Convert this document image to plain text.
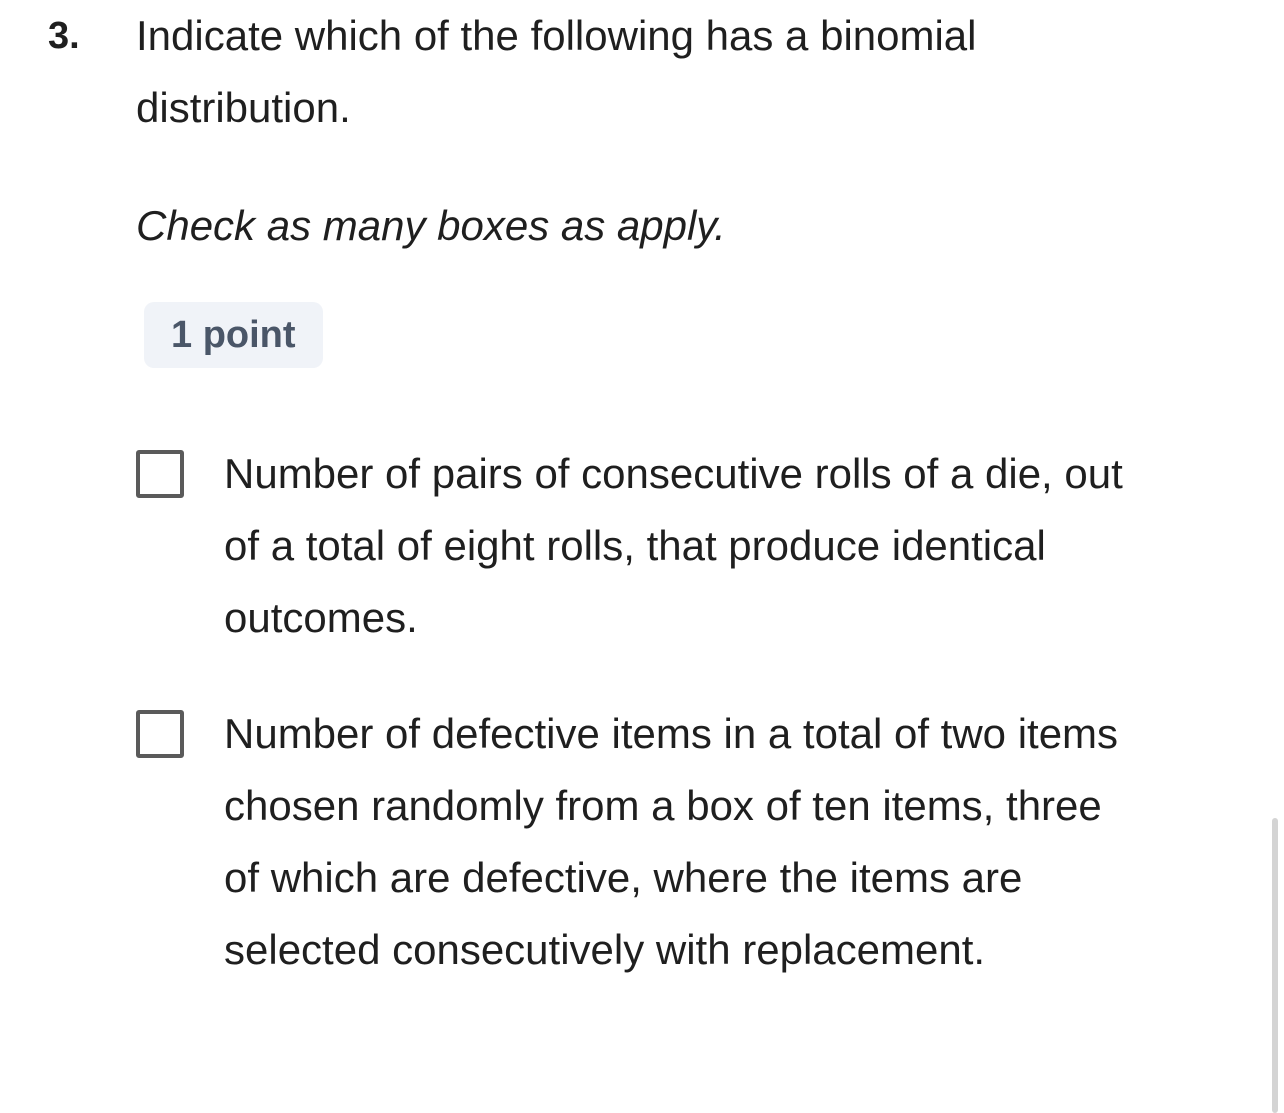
3.	Indicate which of the following has a binomial distribution.
Check as many boxes as apply.
1 point
Number of pairs of consecutive rolls of a die, out of a total of eight rolls, that produce identical outcomes.
Number of defective items in a total of two items chosen randomly from a box of ten items, three of which are defective, where the items are selected consecutively with replacement.
